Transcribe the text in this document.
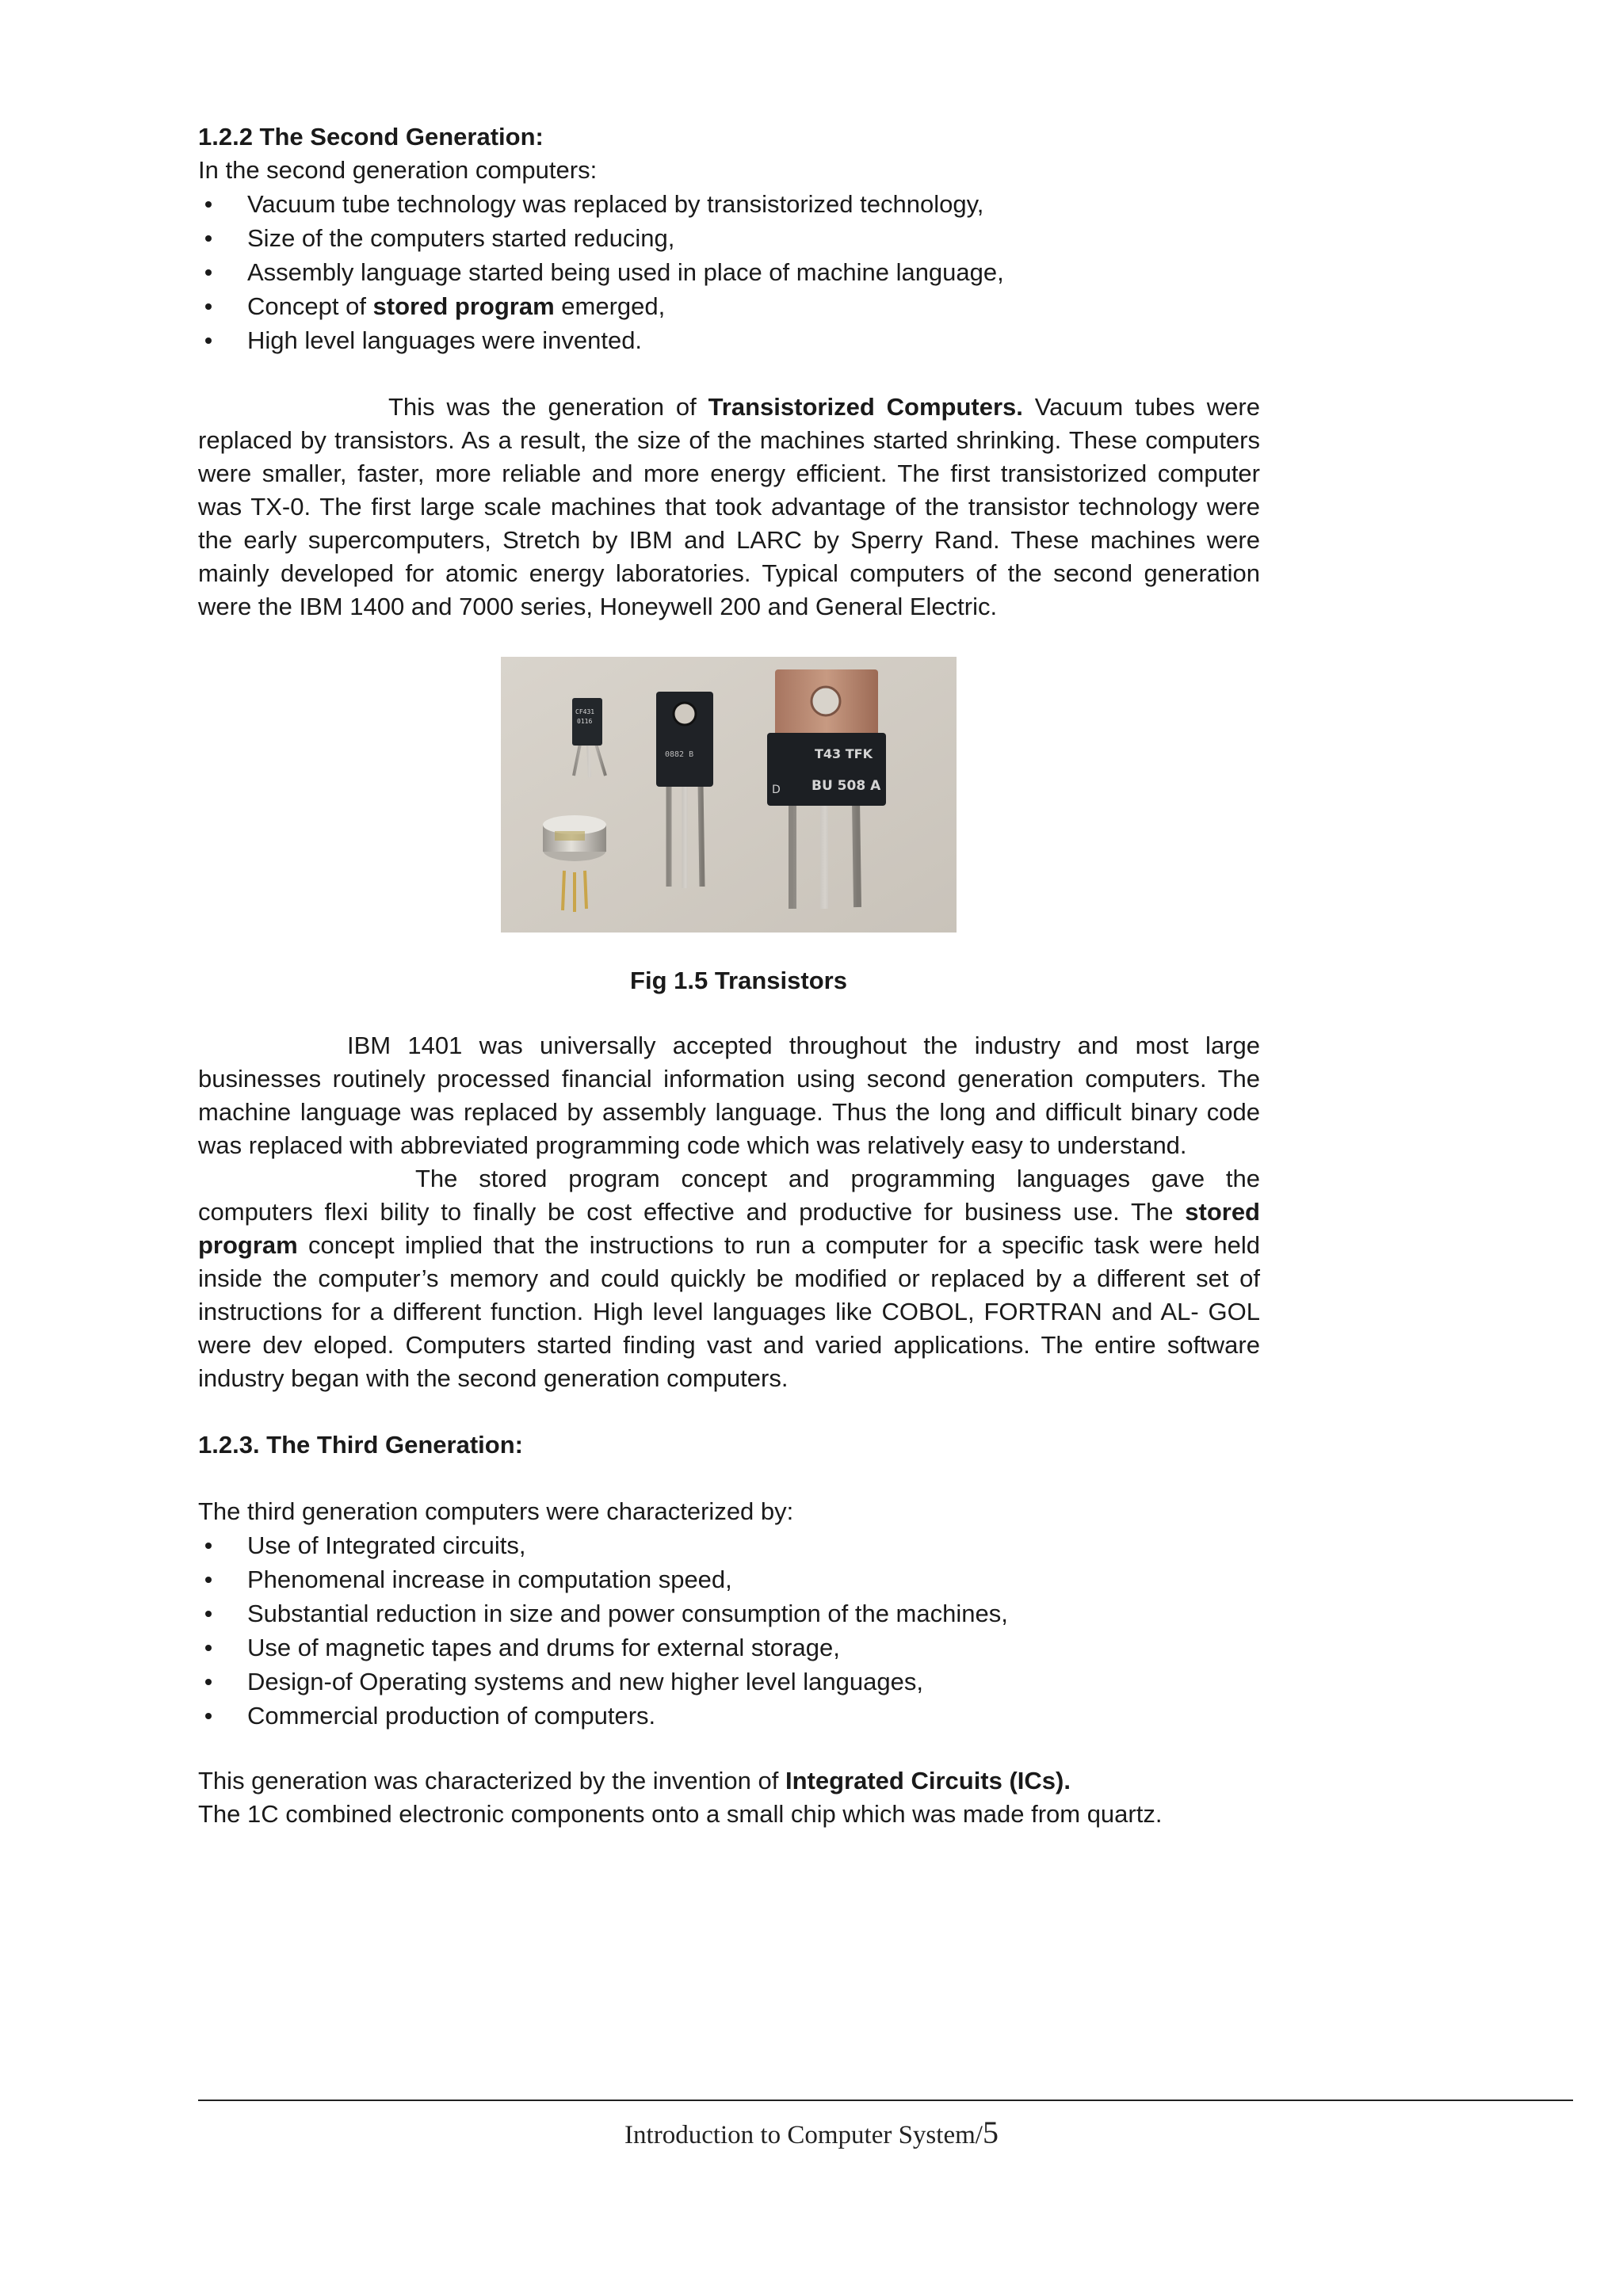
1.2.2 The Second Generation:

In the second generation computers:

Vacuum tube technology was replaced by transistorized technology,
Size of the computers started reducing,
Assembly language started being used in place of machine language,
Concept of stored program emerged,
High level languages were invented.

This was the generation of Transistorized Computers. Vacuum tubes were replaced by transistors. As a result, the size of the machines started shrinking. These computers were smaller, faster, more reliable and more energy efficient. The first transistorized computer was TX-0. The first large scale machines that took advantage of the transistor technology were the early supercomputers, Stretch by IBM and LARC by Sperry Rand. These machines were mainly developed for atomic energy laboratories. Typical computers of the second generation were the IBM 1400 and 7000 series, Honeywell 200 and General Electric.

CF431
0116
0882 B	T43 TFK
BU 508 A
D

Fig 1.5 Transistors

IBM 1401 was universally accepted throughout the industry and most large businesses routinely processed financial information using second generation computers. The machine language was replaced by assembly language. Thus the long and difficult binary code was replaced with abbreviated programming code which was relatively easy to understand.

The stored program concept and programming languages gave the computers flexi bility to finally be cost effective and productive for business use. The stored program concept implied that the instructions to run a computer for a specific task were held inside the computer’s memory and could quickly be modified or replaced by a different set of instructions for a different function. High level languages like COBOL, FORTRAN and AL- GOL were dev eloped. Computers started finding vast and varied applications. The entire software industry began with the second generation computers.

1.2.3. The Third Generation:

The third generation computers were characterized by:

Use of Integrated circuits,
Phenomenal increase in computation speed,
Substantial reduction in size and power consumption of the machines,
Use of magnetic tapes and drums for external storage,
Design-of Operating systems and new higher level languages,
Commercial production of computers.

This generation was characterized by the invention of Integrated Circuits (ICs).

The 1C combined electronic components onto a small chip which was made from quartz.

Introduction to Computer System/5
